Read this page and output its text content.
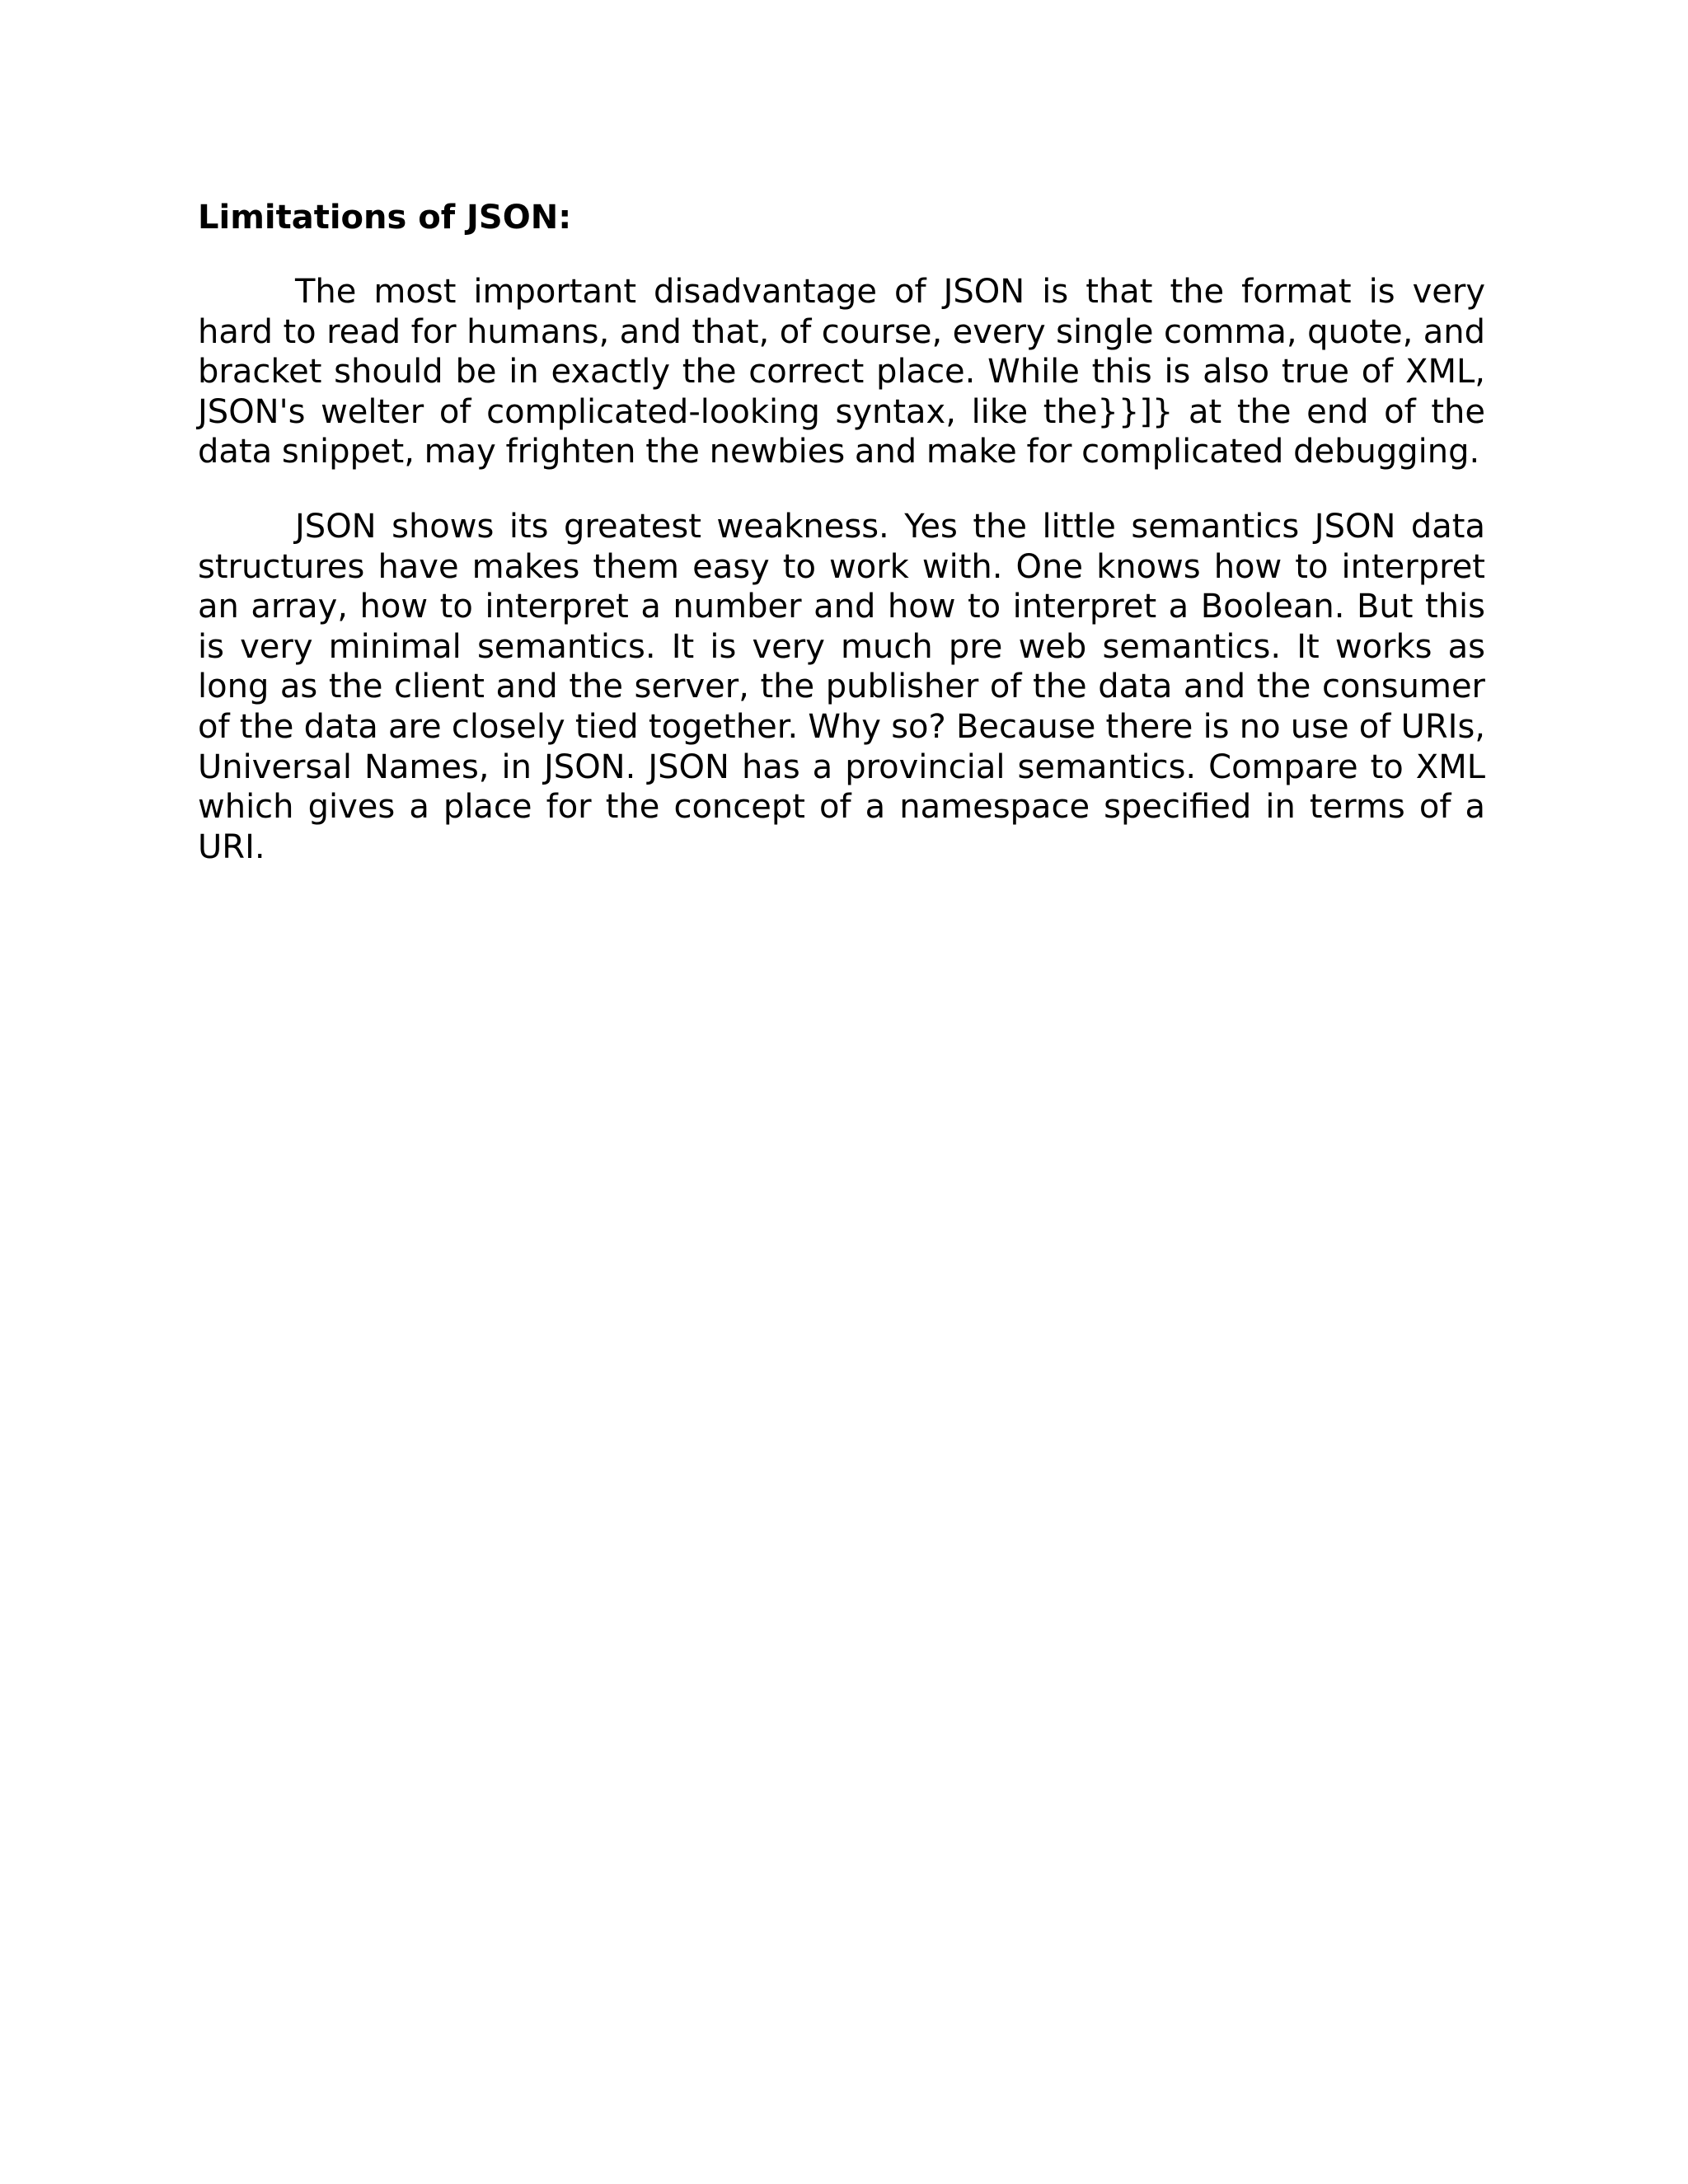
Limitations of JSON:

The most important disadvantage of JSON is that the format is very hard to read for humans, and that, of course, every single comma, quote, and bracket should be in exactly the correct place. While this is also true of XML, JSON's welter of complicated-looking syntax, like the}}]} at the end of the data snippet, may frighten the newbies and make for complicated debugging.

JSON shows its greatest weakness. Yes the little semantics JSON data structures have makes them easy to work with. One knows how to interpret an array, how to interpret a number and how to interpret a Boolean. But this is very minimal semantics. It is very much pre web semantics. It works as long as the client and the server, the publisher of the data and the consumer of the data are closely tied together. Why so? Because there is no use of URIs, Universal Names, in JSON. JSON has a provincial semantics. Compare to XML which gives a place for the concept of a namespace specified in terms of a URI.
